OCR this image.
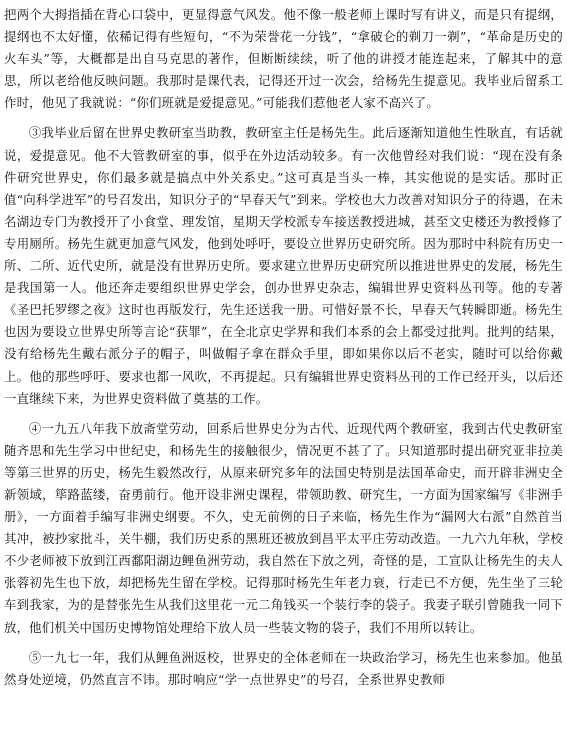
把两个大拇指插在背心口袋中，更显得意气风发。他不像一般老师上课时写有讲义，而是只有提纲，提纲也不太好懂，依稀记得有些短句，“不为荣誉花一分钱”，“拿破仑的剃刀一剃”，“革命是历史的火车头”等，大概都是出自马克思的著作，但断断续续，听了他的讲授才能连起来，了解其中的意思，所以老给他反映问题。我那时是课代表，记得还开过一次会，给杨先生提意见。我毕业后留系工作时，他见了我就说：“你们班就是爱提意见。”可能我们惹他老人家不高兴了。

③我毕业后留在世界史教研室当助教，教研室主任是杨先生。此后逐渐知道他生性耿直，有话就说，爱提意见。他不大管教研室的事，似乎在外边活动较多。有一次他曾经对我们说：“现在没有条件研究世界史，你们最多就是搞点中外关系史。”这可真是当头一棒，其实他说的是实话。那时正值“向科学进军”的号召发出，知识分子的“早春天气”到来。学校也大力改善对知识分子的待遇，在未名湖边专门为教授开了小食堂、理发馆，星期天学校派专车接送教授进城，甚至文史楼还为教授修了专用厕所。杨先生就更加意气风发，他到处呼吁，要设立世界历史研究所。因为那时中科院有历史一所、二所、近代史所，就是没有世界历史所。要求建立世界历史研究所以推进世界史的发展，杨先生是我国第一人。他还奔走要组织世界史学会，创办世界史杂志，编辑世界史资料丛刊等。他的专著《圣巴托罗缪之夜》这时也再版发行，先生还送我一册。可惜好景不长，早春天气转瞬即逝。杨先生也因为要设立世界史所等言论“获罪”，在全北京史学界和我们本系的会上都受过批判。批判的结果，没有给杨先生戴右派分子的帽子，叫做帽子拿在群众手里，即如果你以后不老实，随时可以给你戴上。他的那些呼吁、要求也都一风吹，不再提起。只有编辑世界史资料丛刊的工作已经开头，以后还一直继续下来，为世界史资料做了奠基的工作。

④一九五八年我下放斋堂劳动，回系后世界史分为古代、近现代两个教研室，我到古代史教研室随齐思和先生学习中世纪史，和杨先生的接触很少，情况更不甚了了。只知道那时提出研究亚非拉美等第三世界的历史，杨先生毅然改行，从原来研究多年的法国史特别是法国革命史，而开辟非洲史全新领域，筚路蓝缕，奋勇前行。他开设非洲史课程，带领助教、研究生，一方面为国家编写《非洲手册》，一方面着手编写非洲史纲要。不久，史无前例的日子来临，杨先生作为“漏网大右派”自然首当其冲，被抄家批斗，关牛棚，我们历史系的黑班还被放到昌平太平庄劳动改造。一九六九年秋，学校不少老师被下放到江西鄱阳湖边鲤鱼洲劳动，我自然在下放之列，奇怪的是，工宣队让杨先生的夫人张蓉初先生也下放，却把杨先生留在学校。记得那时杨先生年老力衰，行走已不方便，先生坐了三轮车到我家，为的是替张先生从我们这里花一元二角钱买一个装行李的袋子。我妻子联引曾随我一同下放，他们机关中国历史博物馆处理给下放人员一些装文物的袋子，我们不用所以转让。

⑤一九七一年，我们从鲤鱼洲返校，世界史的全体老师在一块政治学习，杨先生也来参加。他虽然身处逆境，仍然直言不讳。那时响应“学一点世界史”的号召，全系世界史教师
